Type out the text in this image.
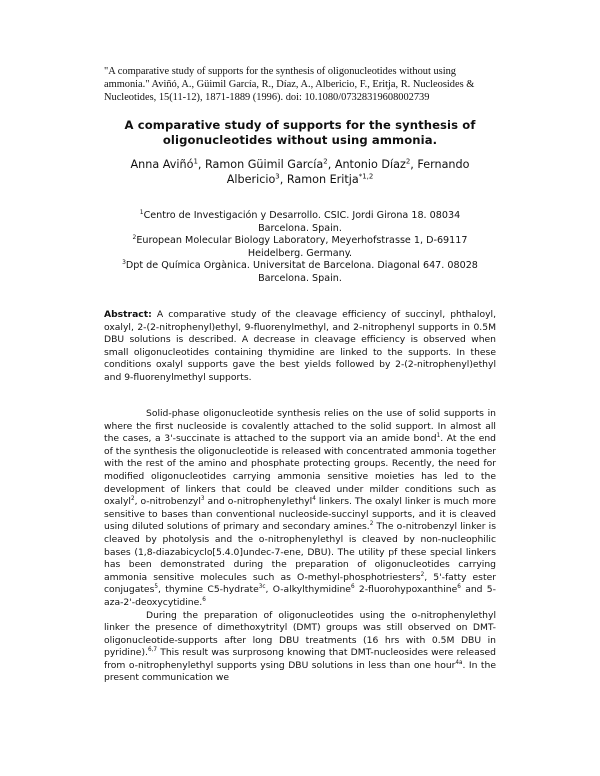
"A comparative study of supports for the synthesis of oligonucleotides without using ammonia." Aviñó, A., Güimil García, R., Díaz, A., Albericio, F., Eritja, R. Nucleosides & Nucleotides, 15(11-12), 1871-1889 (1996). doi: 10.1080/07328319608002739
A comparative study of supports for the synthesis of
oligonucleotides without using ammonia.
Anna Aviñó$^1$, Ramon Güimil García$^2$, Antonio Díaz$^2$, Fernando
Albericio$^3$, Ramon Eritja$^{*1,2}$
$^1$Centro de Investigación y Desarrollo. CSIC. Jordi Girona 18. 08034
Barcelona. Spain.
$^2$European Molecular Biology Laboratory, Meyerhofstrasse 1, D-69117
Heidelberg. Germany.
$^3$Dpt de Química Orgànica. Universitat de Barcelona. Diagonal 647. 08028
Barcelona. Spain.
Abstract: A comparative study of the cleavage efficiency of succinyl, phthaloyl, oxalyl, 2-(2-nitrophenyl)ethyl, 9-fluorenylmethyl, and 2-nitrophenyl supports in 0.5M DBU solutions is described. A decrease in cleavage efficiency is observed when small oligonucleotides containing thymidine are linked to the supports. In these conditions oxalyl supports gave the best yields followed by 2-(2-nitrophenyl)ethyl and 9-fluorenylmethyl supports.

Solid-phase oligonucleotide synthesis relies on the use of solid supports in where the first nucleoside is covalently attached to the solid support. In almost all the cases, a 3'-succinate is attached to the support via an amide bond$^1$. At the end of the synthesis the oligonucleotide is released with concentrated ammonia together with the rest of the amino and phosphate protecting groups. Recently, the need for modified oligonucleotides carrying ammonia sensitive moieties has led to the development of linkers that could be cleaved under milder conditions such as oxalyl$^2$, o-nitrobenzyl$^3$ and o-nitrophenylethyl$^4$ linkers. The oxalyl linker is much more sensitive to bases than conventional nucleoside-succinyl supports, and it is cleaved using diluted solutions of primary and secondary amines.$^2$ The o-nitrobenzyl linker is cleaved by photolysis and the o-nitrophenylethyl is cleaved by non-nucleophilic bases (1,8-diazabicyclo[5.4.0]undec-7-ene, DBU). The utility pf these special linkers has been demonstrated during the preparation of oligonucleotides carrying ammonia sensitive molecules such as O-methyl-phosphotriesters$^2$, 5'-fatty ester conjugates$^5$, thymine C5-hydrate$^{3c}$, O-alkylthymidine$^6$ 2-fluorohypoxanthine$^6$ and 5-aza-2'-deoxycytidine.$^6$

During the preparation of oligonucleotides using the o-nitrophenylethyl linker the presence of dimethoxytrityl (DMT) groups was still observed on DMT-oligonucleotide-supports after long DBU treatments (16 hrs with 0.5M DBU in pyridine).$^{6,7}$ This result was surprosong knowing that DMT-nucleosides were released from o-nitrophenylethyl supports ysing DBU solutions in less than one hour$^{4a}$. In the present communication we
